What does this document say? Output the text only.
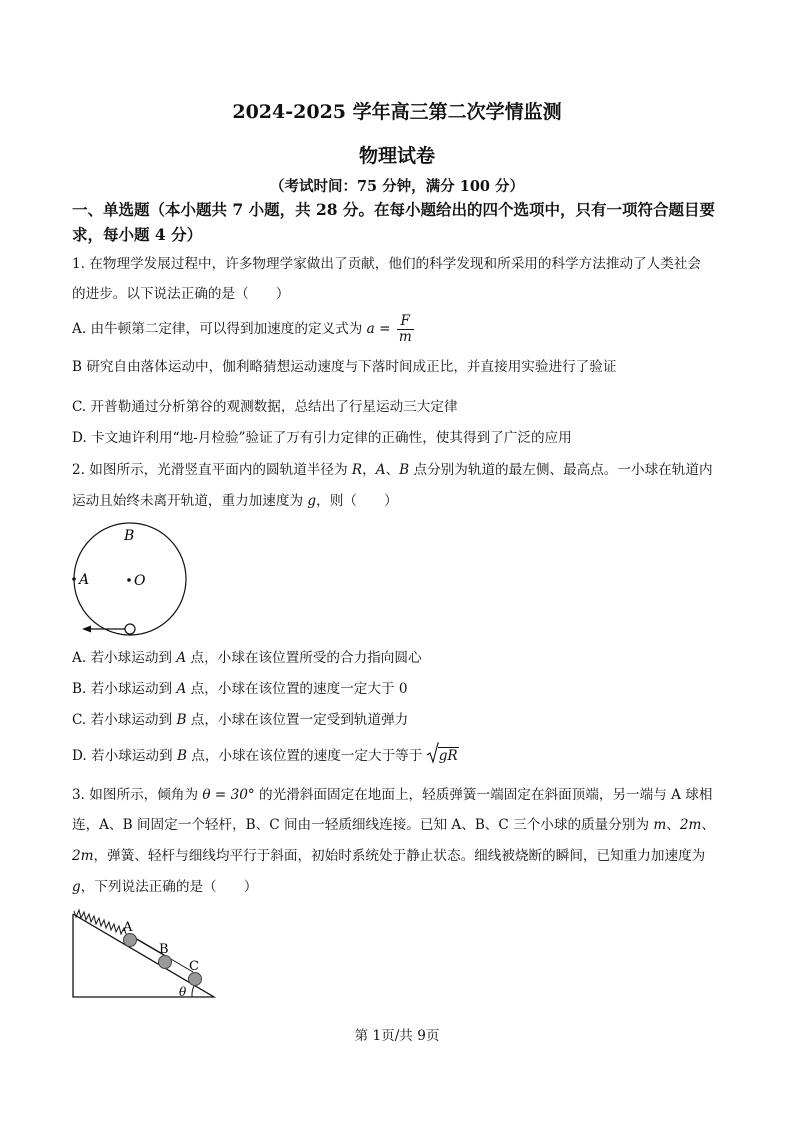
2024-2025 学年高三第二次学情监测
物理试卷
（考试时间：75 分钟，满分 100 分）
一、单选题（本小题共 7 小题，共 28 分。在每小题给出的四个选项中，只有一项符合题目要
求，每小题 4 分）
1. 在物理学发展过程中，许多物理学家做出了贡献，他们的科学发现和所采用的科学方法推动了人类社会
的进步。以下说法正确的是（　　）
A. 由牛顿第二定律，可以得到加速度的定义式为 $a = \frac{F}{m}$
B 研究自由落体运动中，伽利略猜想运动速度与下落时间成正比，并直接用实验进行了验证
C. 开普勒通过分析第谷的观测数据，总结出了行星运动三大定律
D. 卡文迪许利用“地-月检验”验证了万有引力定律的正确性，使其得到了广泛的应用
2. 如图所示，光滑竖直平面内的圆轨道半径为 R，A、B 点分别为轨道的最左侧、最高点。一小球在轨道内
运动且始终未离开轨道，重力加速度为 g，则（　　）
B
A	O
A. 若小球运动到 A 点，小球在该位置所受的合力指向圆心
B. 若小球运动到 A 点，小球在该位置的速度一定大于 0
C. 若小球运动到 B 点，小球在该位置一定受到轨道弹力
D. 若小球运动到 B 点，小球在该位置的速度一定大于等于
gR
3. 如图所示，倾角为 θ = 30° 的光滑斜面固定在地面上，轻质弹簧一端固定在斜面顶端，另一端与 A 球相
连，A、B 间固定一个轻杆，B、C 间由一轻质细线连接。已知 A、B、C 三个小球的质量分别为 m、2m、
2m，弹簧、轻杆与细线均平行于斜面，初始时系统处于静止状态。细线被烧断的瞬间，已知重力加速度为
g，下列说法正确的是（　　）
A
B
C
θ
第 1页/共 9页
